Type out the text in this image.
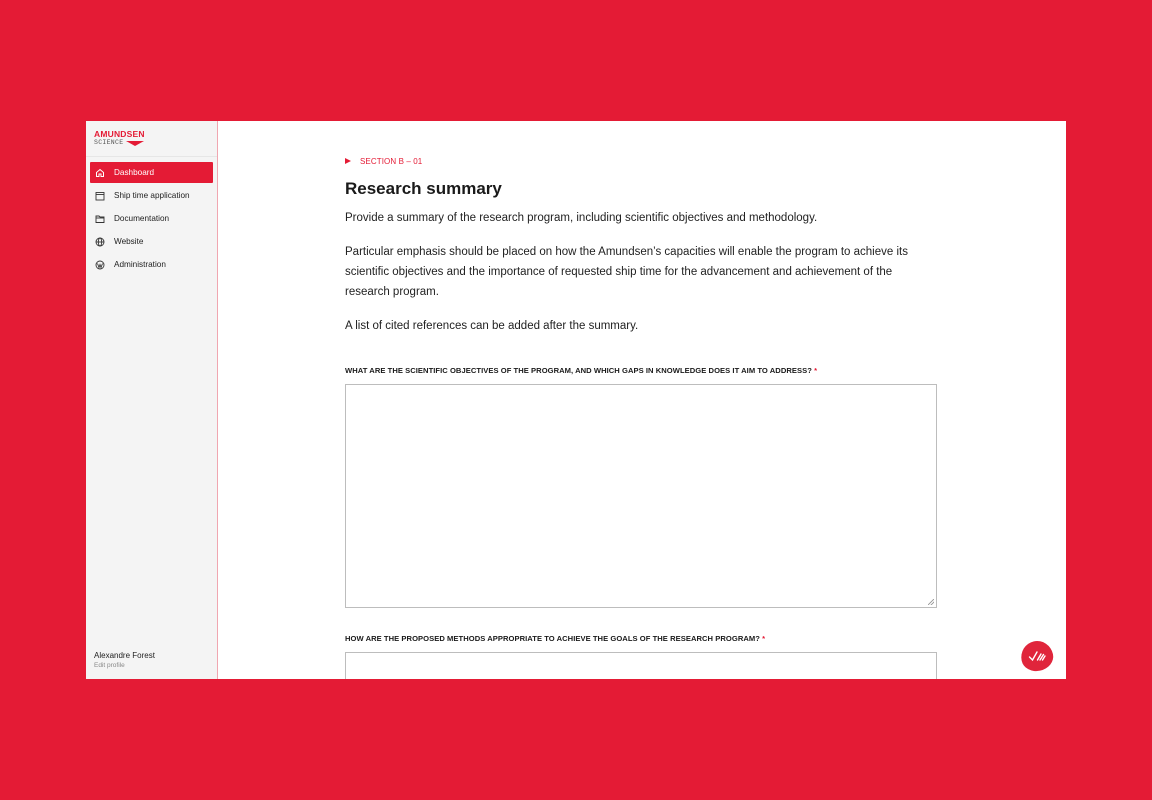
AMUNDSEN
SCIENCE
Dashboard
Ship time application
Documentation
Website
Administration
Alexandre Forest
Edit profile
SECTION B – 01
Research summary

Provide a summary of the research program, including scientific objectives and methodology.

Particular emphasis should be placed on how the Amundsen’s capacities will enable the program to achieve its scientific objectives and the importance of requested ship time for the advancement and achievement of the research program.

A list of cited references can be added after the summary.

WHAT ARE THE SCIENTIFIC OBJECTIVES OF THE PROGRAM, AND WHICH GAPS IN KNOWLEDGE DOES IT AIM TO ADDRESS? *
HOW ARE THE PROPOSED METHODS APPROPRIATE TO ACHIEVE THE GOALS OF THE RESEARCH PROGRAM? *
